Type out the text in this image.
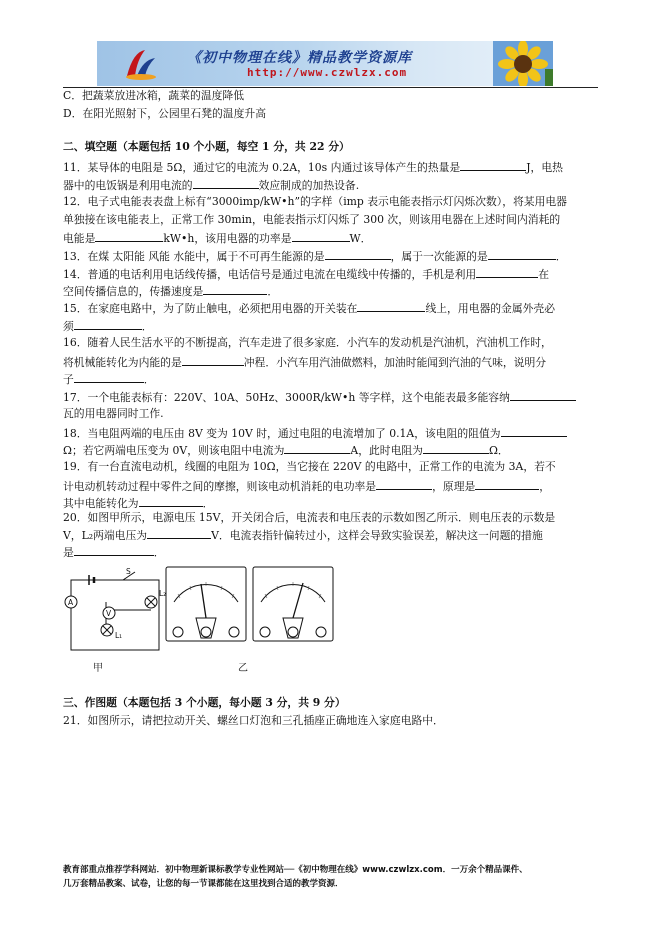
《初中物理在线》精品教学资源库
http://www.czwlzx.com
C．把蔬菜放进冰箱，蔬菜的温度降低
D．在阳光照射下，公园里石凳的温度升高
二、填空题（本题包括 10 个小题，每空 1 分，共 22 分）
11．某导体的电阻是 5Ω，通过它的电流为 0.2A，10s 内通过该导体产生的热量是	J，电热
器中的电饭锅是利用电流的	效应制成的加热设备.
12．电子式电能表表盘上标有“3000imp/kW•h”的字样（imp 表示电能表指示灯闪烁次数），将某用电器
单独接在该电能表上，正常工作 30min，电能表指示灯闪烁了 300 次，则该用电器在上述时间内消耗的
电能是	kW•h，该用电器的功率是	W．
13．在煤 太阳能 风能 水能中，属于不可再生能源的是	，属于一次能源的是	．
14．普通的电话利用电话线传播，电话信号是通过电流在电缆线中传播的，手机是利用	在
空间传播信息的，传播速度是	．
15．在家庭电路中，为了防止触电，必须把用电器的开关装在	线上，用电器的金属外壳必
须	．
16．随着人民生活水平的不断提高，汽车走进了很多家庭．小汽车的发动机是汽油机，汽油机工作时，
将机械能转化为内能的是	冲程．小汽车用汽油做燃料，加油时能闻到汽油的气味，说明分
子	．
17．一个电能表标有：220V、10A、50Hz、3000R/kW•h 等字样，这个电能表最多能容纳
瓦的用电器同时工作.
18．当电阻两端的电压由 8V 变为 10V 时，通过电阻的电流增加了 0.1A，该电阻的阻值为
Ω；若它两端电压变为 0V，则该电阻中电流为	A，此时电阻为	Ω．
19．有一台直流电动机，线圈的电阻为 10Ω，当它接在 220V 的电路中，正常工作的电流为 3A，若不
计电动机转动过程中零件之间的摩擦，则该电动机消耗的电功率是	，原理是	，
其中电能转化为	．
20．如图甲所示，电源电压 15V，开关闭合后，电流表和电压表的示数如图乙所示．则电压表的示数是
V，L₂两端电压为	V．电流表指针偏转过小，这样会导致实验误差，解决这一问题的措施
是	．
A
S
V
L₂
L₁
甲	乙
三、作图题（本题包括 3 个小题，每小题 3 分，共 9 分）
21．如图所示，请把拉动开关、螺丝口灯泡和三孔插座正确地连入家庭电路中．
教育部重点推荐学科网站．初中物理新课标教学专业性网站──《初中物理在线》www.czwlzx.com．一万余个精品课件、
几万套精品教案、试卷，让您的每一节课都能在这里找到合适的教学资源．
